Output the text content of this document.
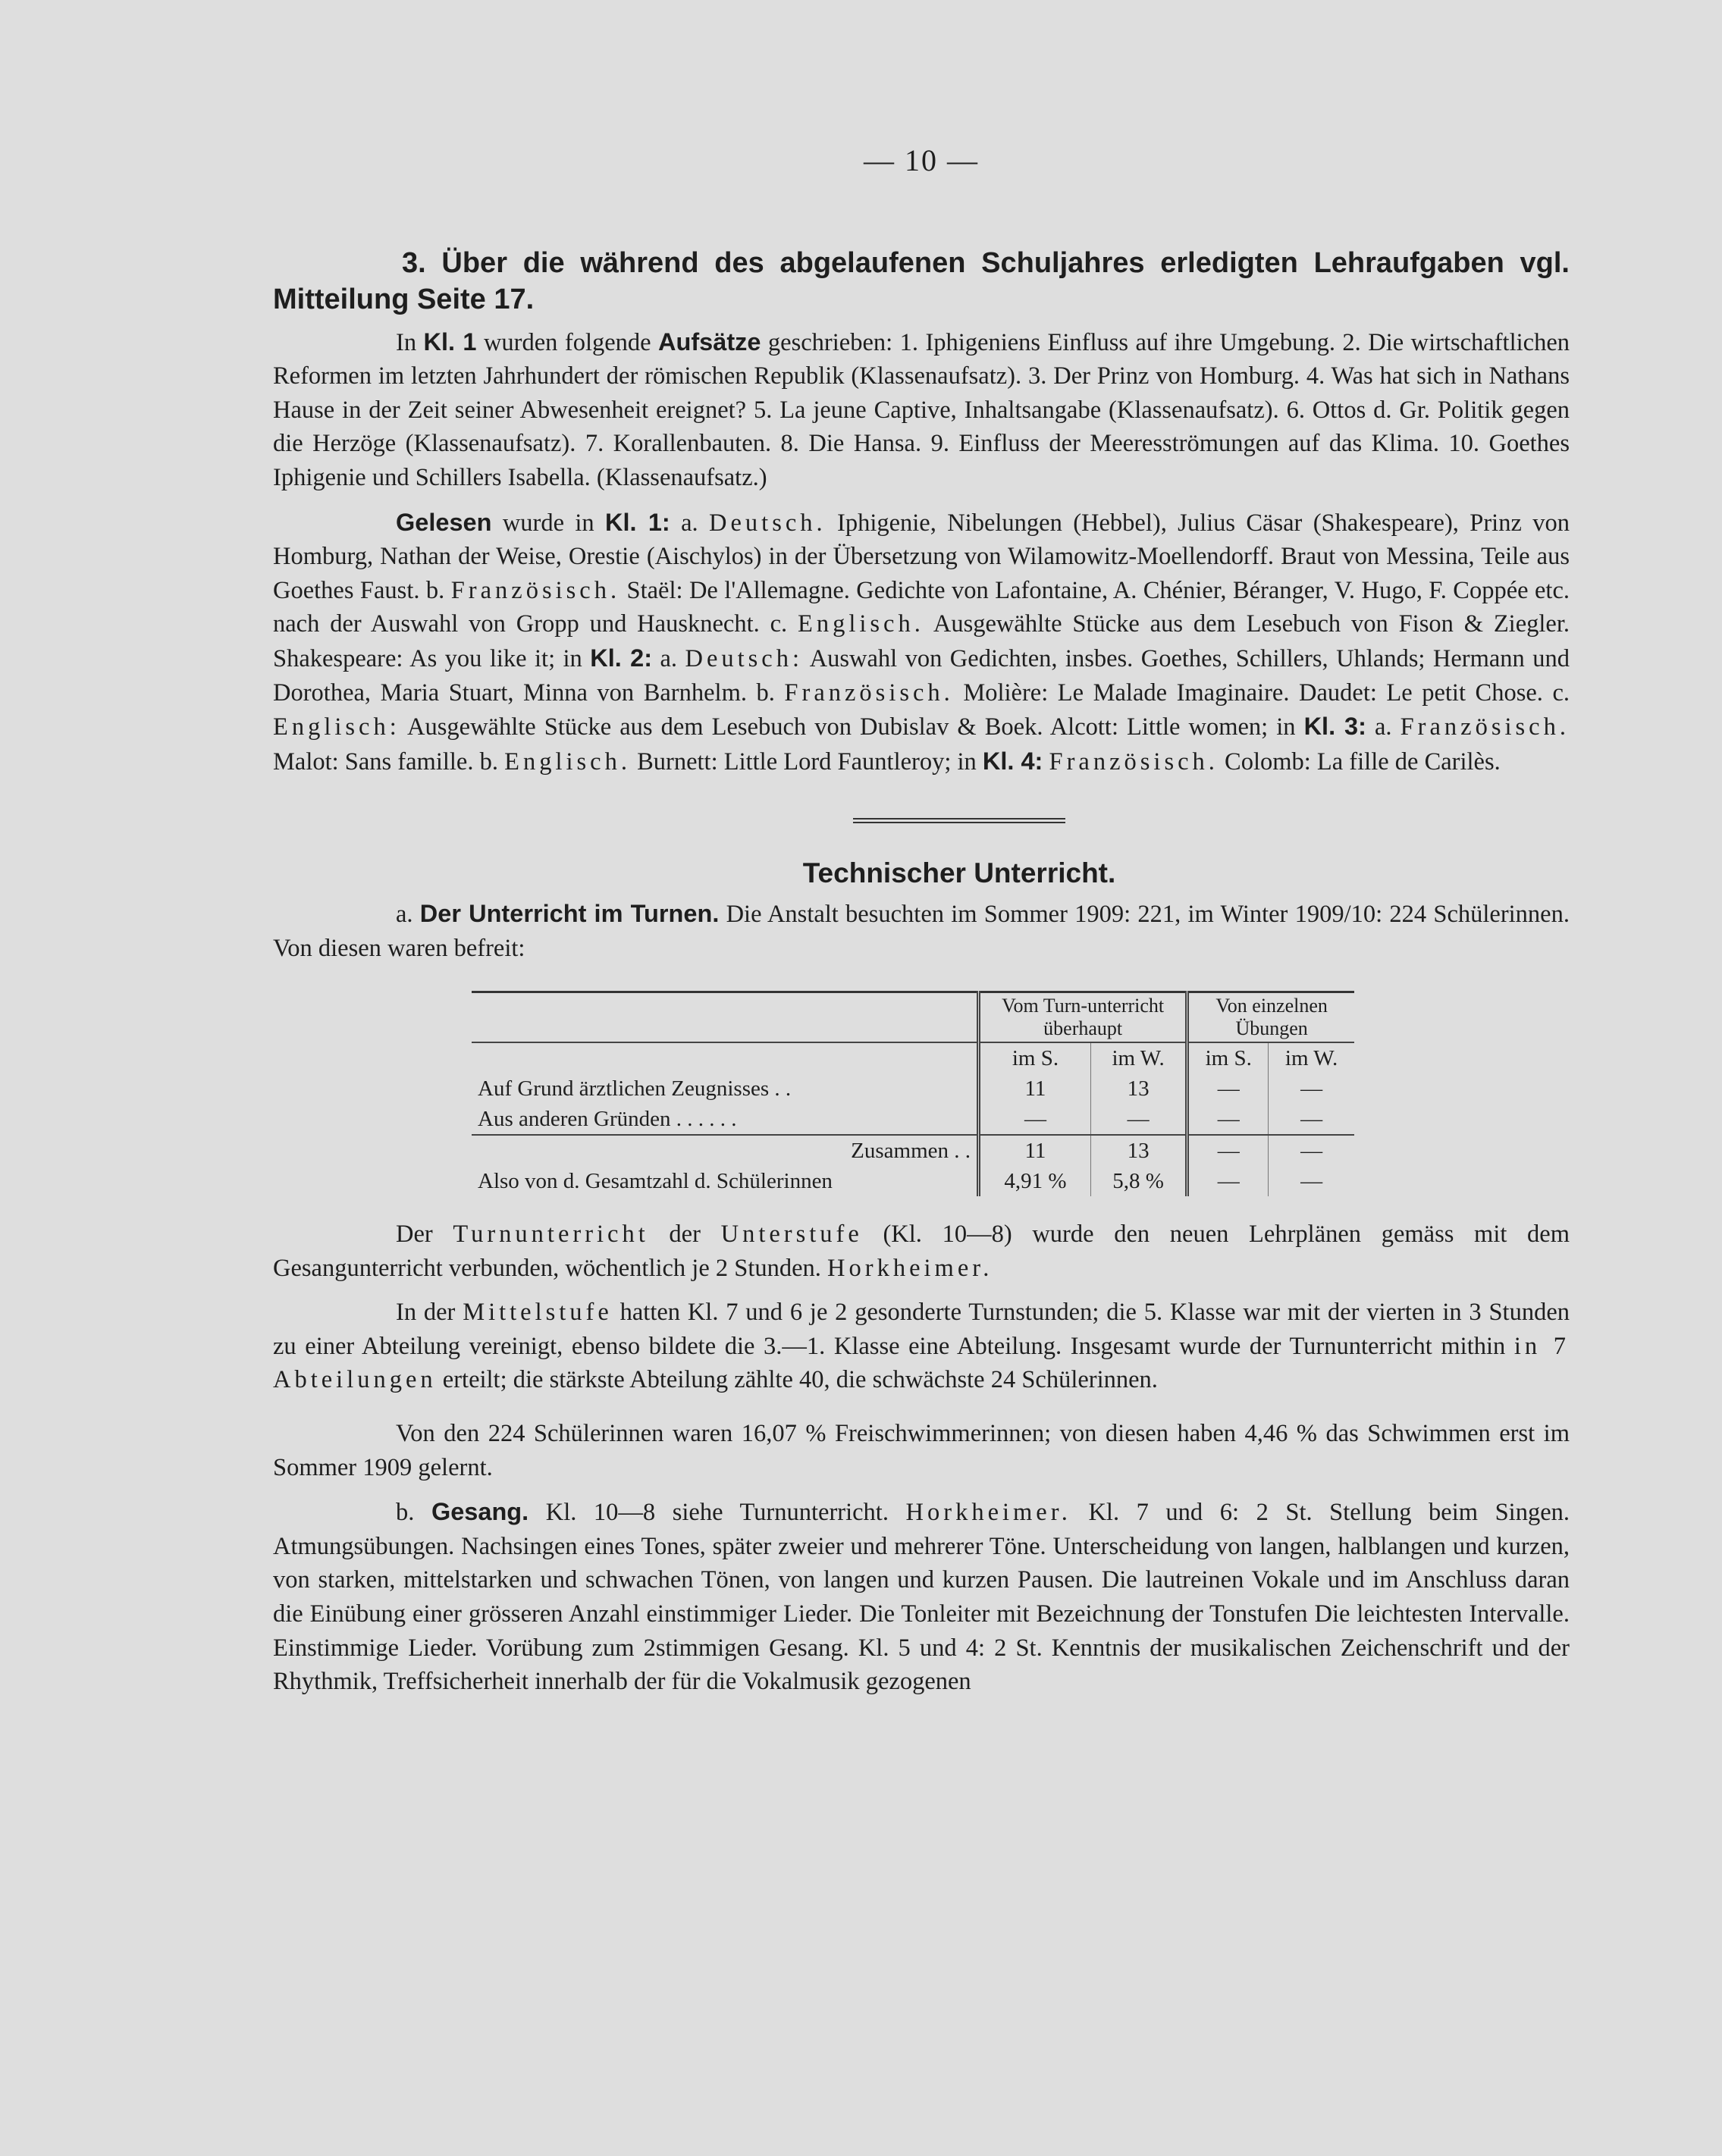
— 10 —
3. Über die während des abgelaufenen Schuljahres erledigten Lehraufgaben vgl. Mitteilung Seite 17.

In Kl. 1 wurden folgende Aufsätze geschrieben: 1. Iphigeniens Einfluss auf ihre Umgebung. 2. Die wirtschaftlichen Reformen im letzten Jahrhundert der römischen Republik (Klassenaufsatz). 3. Der Prinz von Homburg. 4. Was hat sich in Nathans Hause in der Zeit seiner Abwesenheit ereignet? 5. La jeune Captive, Inhaltsangabe (Klassenaufsatz). 6. Ottos d. Gr. Politik gegen die Herzöge (Klassenaufsatz). 7. Korallenbauten. 8. Die Hansa. 9. Einfluss der Meeresströmungen auf das Klima. 10. Goethes Iphigenie und Schillers Isabella. (Klassenaufsatz.)

Gelesen wurde in Kl. 1: a. Deutsch. Iphigenie, Nibelungen (Hebbel), Julius Cäsar (Shakespeare), Prinz von Homburg, Nathan der Weise, Orestie (Aischylos) in der Übersetzung von Wilamowitz-Moellendorff. Braut von Messina, Teile aus Goethes Faust. b. Französisch. Staël: De l'Allemagne. Gedichte von Lafontaine, A. Chénier, Béranger, V. Hugo, F. Coppée etc. nach der Auswahl von Gropp und Hausknecht. c. Englisch. Ausgewählte Stücke aus dem Lesebuch von Fison & Ziegler. Shakespeare: As you like it; in Kl. 2: a. Deutsch: Auswahl von Gedichten, insbes. Goethes, Schillers, Uhlands; Hermann und Dorothea, Maria Stuart, Minna von Barnhelm. b. Französisch. Molière: Le Malade Imaginaire. Daudet: Le petit Chose. c. Englisch: Ausgewählte Stücke aus dem Lesebuch von Dubislav & Boek. Alcott: Little women; in Kl. 3: a. Französisch. Malot: Sans famille. b. Englisch. Burnett: Little Lord Fauntleroy; in Kl. 4: Französisch. Colomb: La fille de Carilès.

Technischer Unterricht.

a. Der Unterricht im Turnen. Die Anstalt besuchten im Sommer 1909: 221, im Winter 1909/10: 224 Schülerinnen. Von diesen waren befreit:

	Vom Turn-unterricht überhaupt		Von einzelnen Übungen	
	im S.	im W.	im S.	im W.
Auf Grund ärztlichen Zeugnisses . .	11	13	—	—
Aus anderen Gründen . . . . . .	—	—	—	—
Zusammen . .	11	13	—	—
Also von d. Gesamtzahl d. Schülerinnen	4,91 %	5,8 %	—	—

Der Turnunterricht der Unterstufe (Kl. 10—8) wurde den neuen Lehrplänen gemäss mit dem Gesangunterricht verbunden, wöchentlich je 2 Stunden. Horkheimer.

In der Mittelstufe hatten Kl. 7 und 6 je 2 gesonderte Turnstunden; die 5. Klasse war mit der vierten in 3 Stunden zu einer Abteilung vereinigt, ebenso bildete die 3.—1. Klasse eine Abteilung. Insgesamt wurde der Turnunterricht mithin in 7 Abteilungen erteilt; die stärkste Abteilung zählte 40, die schwächste 24 Schülerinnen.

Von den 224 Schülerinnen waren 16,07 % Freischwimmerinnen; von diesen haben 4,46 % das Schwimmen erst im Sommer 1909 gelernt.

b. Gesang. Kl. 10—8 siehe Turnunterricht. Horkheimer. Kl. 7 und 6: 2 St. Stellung beim Singen. Atmungsübungen. Nachsingen eines Tones, später zweier und mehrerer Töne. Unterscheidung von langen, halblangen und kurzen, von starken, mittelstarken und schwachen Tönen, von langen und kurzen Pausen. Die lautreinen Vokale und im Anschluss daran die Einübung einer grösseren Anzahl einstimmiger Lieder. Die Tonleiter mit Bezeichnung der Tonstufen Die leichtesten Intervalle. Einstimmige Lieder. Vorübung zum 2stimmigen Gesang. Kl. 5 und 4: 2 St. Kenntnis der musikalischen Zeichenschrift und der Rhythmik, Treffsicherheit innerhalb der für die Vokalmusik gezogenen
